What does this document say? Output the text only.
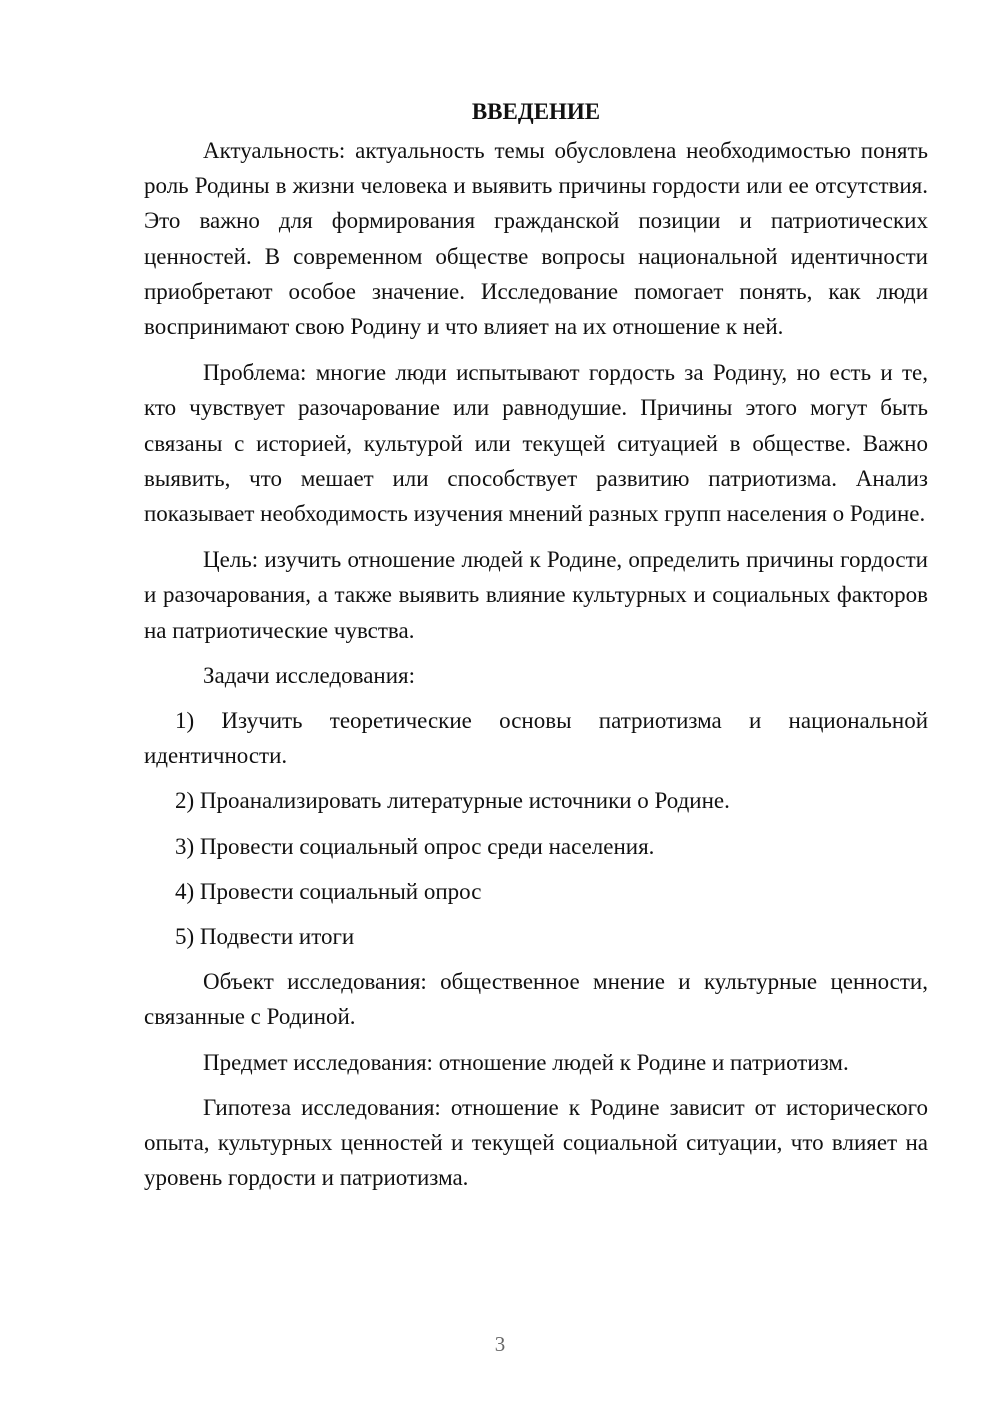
ВВЕДЕНИЕ

Актуальность: актуальность темы обусловлена необходимостью понять роль Родины в жизни человека и выявить причины гордости или ее отсутствия. Это важно для формирования гражданской позиции и патриотических ценностей. В современном обществе вопросы национальной идентичности приобретают особое значение. Исследование помогает понять, как люди воспринимают свою Родину и что влияет на их отношение к ней.

Проблема: многие люди испытывают гордость за Родину, но есть и те, кто чувствует разочарование или равнодушие. Причины этого могут быть связаны с историей, культурой или текущей ситуацией в обществе. Важно выявить, что мешает или способствует развитию патриотизма. Анализ показывает необходимость изучения мнений разных групп населения о Родине.

Цель: изучить отношение людей к Родине, определить причины гордости и разочарования, а также выявить влияние культурных и социальных факторов на патриотические чувства.

Задачи исследования:

1) Изучить теоретические основы патриотизма и национальной идентичности.

2) Проанализировать литературные источники о Родине.

3) Провести социальный опрос среди населения.

4) Провести социальный опрос

5) Подвести итоги

Объект исследования: общественное мнение и культурные ценности, связанные с Родиной.

Предмет исследования: отношение людей к Родине и патриотизм.

Гипотеза исследования: отношение к Родине зависит от исторического опыта, культурных ценностей и текущей социальной ситуации, что влияет на уровень гордости и патриотизма.

3
